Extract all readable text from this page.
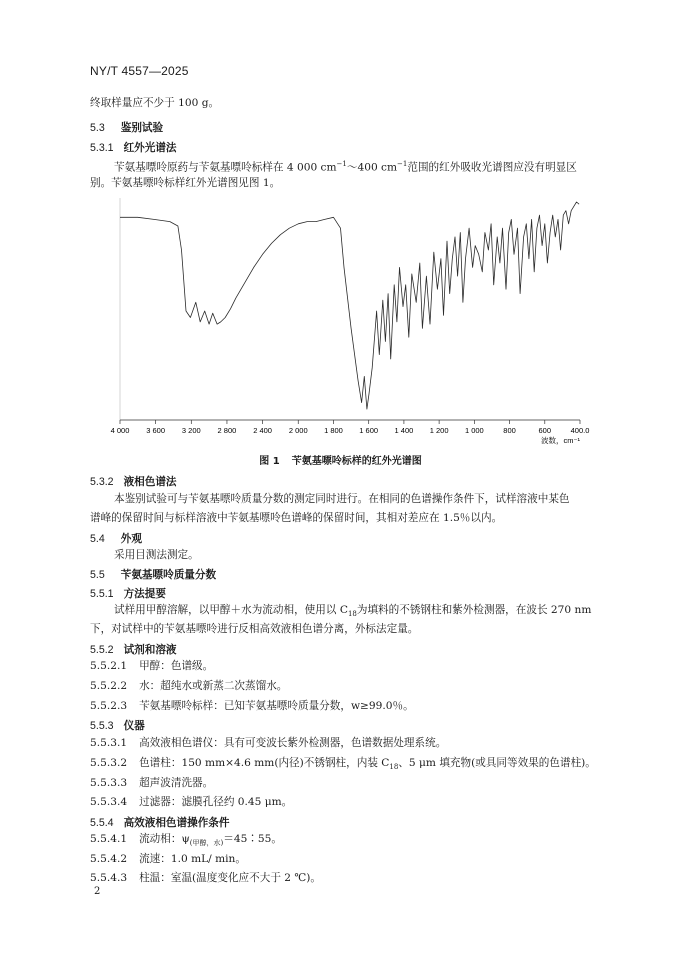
NY/T 4557—2025
终取样量应不少于 100 g。
5.3 鉴别试验
5.3.1 红外光谱法
苄氨基嘌呤原药与苄氨基嘌呤标样在 4 000 $cm^{-1}\sim 400$ $cm^{-1}$范围的红外吸收光谱图应没有明显区
别。苄氨基嘌呤标样红外光谱图见图 1。
4 000 3 600 3 200 2 800 2 400 2 000 1 800 1 600 1 400 1 200 1 000	800	600	400.0
波数，cm⁻¹
图 1 苄氨基嘌呤标样的红外光谱图
5.3.2 液相色谱法
本鉴别试验可与苄氨基嘌呤质量分数的测定同时进行。在相同的色谱操作条件下，试样溶液中某色
谱峰的保留时间与标样溶液中苄氨基嘌呤色谱峰的保留时间，其相对差应在 1.5％以内。
5.4 外观
采用目测法测定。
5.5 苄氨基嘌呤质量分数
5.5.1 方法提要
试样用甲醇溶解，以甲醇＋水为流动相，使用以 $C_{18}$为填料的不锈钢柱和紫外检测器，在波长 270 nm
下，对试样中的苄氨基嘌呤进行反相高效液相色谱分离，外标法定量。
5.5.2 试剂和溶液
5.5.2.1 甲醇：色谱级。
5.5.2.2 水：超纯水或新蒸二次蒸馏水。
5.5.2.3 苄氨基嘌呤标样：已知苄氨基嘌呤质量分数，w≥99.0％。
5.5.3 仪器
5.5.3.1 高效液相色谱仪：具有可变波长紫外检测器，色谱数据处理系统。
5.5.3.2 色谱柱：150 mm×4.6 mm(内径)不锈钢柱，内装 $C_{18}$、5 μm 填充物(或具同等效果的色谱柱)。
5.5.3.3 超声波清洗器。
5.5.3.4 过滤器：滤膜孔径约 0.45 μm。
5.5.4 高效液相色谱操作条件
5.5.4.1 流动相：$\psi_{(甲醇,水)}=45∶55$。
5.5.4.2 流速：1.0 mL/ min。
5.5.4.3 柱温：室温(温度变化应不大于 2 ℃)。
2
